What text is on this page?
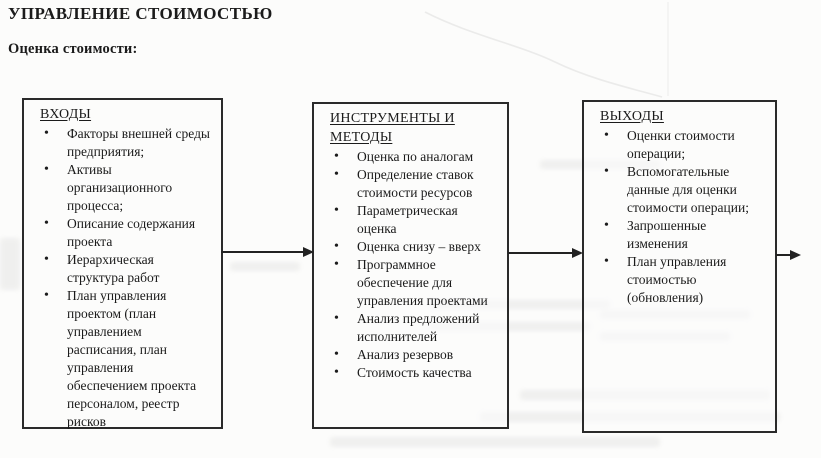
УПРАВЛЕНИЕ СТОИМОСТЬЮ
Оценка стоимости:
ВХОДЫ
• Факторы внешней среды предприятия;
• Активы организационного процесса;
• Описание содержания проекта
• Иерархическая структура работ
• План управления проектом (план управлением расписания, план управления обеспечением проекта персоналом, реестр рисков
ИНСТРУМЕНТЫ И МЕТОДЫ
• Оценка по аналогам
• Определение ставок стоимости ресурсов
• Параметрическая оценка
• Оценка снизу – вверх
• Программное обеспечение для управления проектами
• Анализ предложений исполнителей
• Анализ резервов
• Стоимость качества
ВЫХОДЫ
• Оценки стоимости операции;
• Вспомогательные данные для оценки стоимости операции;
• Запрошенные изменения
• План управления стоимостью (обновления)
